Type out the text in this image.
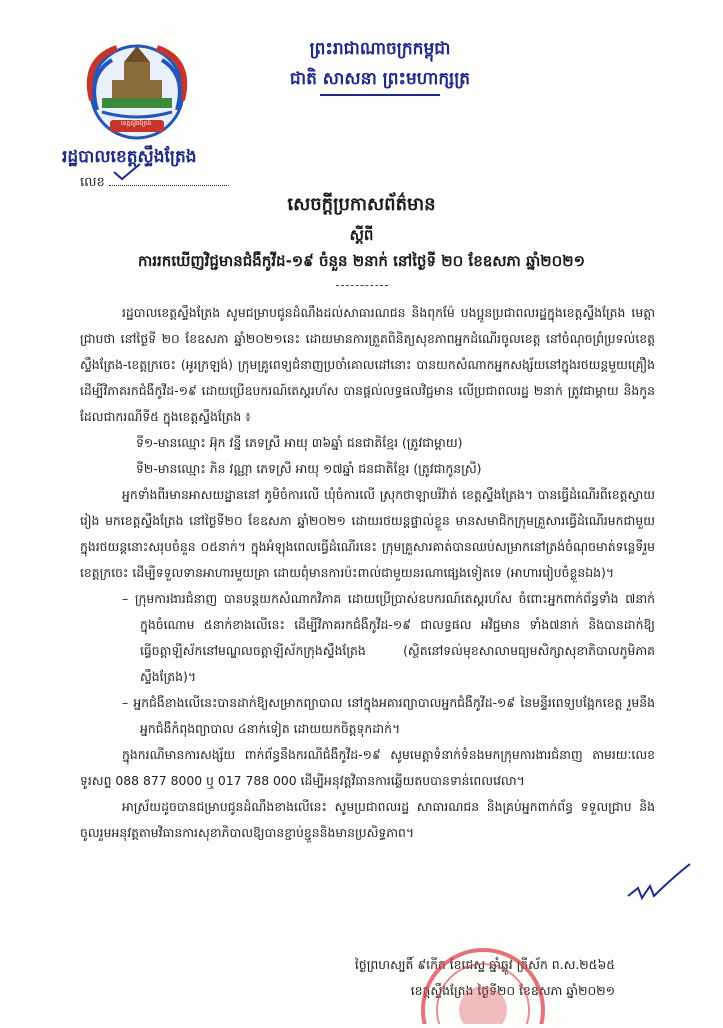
ខេត្តស្ទឹងត្រែង
ព្រះរាជាណាចក្រកម្ពុជា
ជាតិ សាសនា ព្រះមហាក្សត្រ
រដ្ឋបាលខេត្តស្ទឹងត្រែង
លេខ
សេចក្តីប្រកាសព័ត៌មាន
ស្តីពី
ការរកឃើញវិជ្ជមានជំងឺកូវីដ-១៩ ចំនួន ២នាក់ នៅថ្ងៃទី ២០ ខែឧសភា ឆ្នាំ២០២១

រដ្ឋបាលខេត្តស្ទឹងត្រែង សូមជម្រាបជូនដំណឹងដល់សាធារណជន និងពុកម៉ែ បងប្អូនប្រជាពលរដ្ឋក្នុងខេត្តស្ទឹងត្រែង មេត្តាជ្រាបថា នៅថ្ងៃទី ២០ ខែឧសភា ឆ្នាំ២០២១នេះ ដោយមានការត្រួតពិនិត្យសុខភាពអ្នកដំណើរចូលខេត្ត នៅចំណុចព្រំប្រទល់ខេត្តស្ទឹងត្រែង-ខេត្តក្រចេះ (អូរក្រឡង់) ក្រុមគ្រូពេទ្យជំនាញប្រចាំគោលដៅនោះ បានយកសំណាកអ្នកសង្ស័យនៅក្នុងរថយន្តមួយគ្រឿង ដើម្បីវិភាគរកជំងឺកូវីដ-១៩ ដោយប្រើឧបករណ៍តេស្តរហ័ស បានផ្តល់លទ្ធផលវិជ្ជមាន លើប្រជាពលរដ្ឋ ២នាក់ ត្រូវជាម្តាយ និងកូន ដែលជាករណីទី៥ ក្នុងខេត្តស្ទឹងត្រែង ៖

ទី១-មានឈ្មោះ អ៊ុក វន្នី ភេទស្រី អាយុ ៣៦ឆ្នាំ ជនជាតិខ្មែរ (ត្រូវជាម្តាយ)

ទី២-មានឈ្មោះ ភិន វណ្ណា ភេទស្រី អាយុ ១៧ឆ្នាំ ជនជាតិខ្មែរ (ត្រូវជាកូនស្រី)

អ្នកទាំងពីរមានអាសយដ្ឋាននៅ ភូមិចំការលើ ឃុំចំការលើ ស្រុកថាឡាបរិវ៉ាត់ ខេត្តស្ទឹងត្រែង។ បានធ្វើដំណើរពីខេត្តស្វាយរៀង មកខេត្តស្ទឹងត្រែង នៅថ្ងៃទី២០ ខែឧសភា ឆ្នាំ២០២១ ដោយរថយន្តផ្ទាល់ខ្លួន មានសមាជិកក្រុមគ្រួសារធ្វើដំណើរមកជាមួយក្នុងរថយន្តនោះសរុបចំនួន ០៥នាក់។ ក្នុងអំឡុងពេលធ្វើដំណើរនេះ ក្រុមគ្រួសារគាត់បានឈប់សម្រាកនៅត្រង់ចំណុចមាត់ទន្លេទីរួមខេត្តក្រចេះ ដើម្បីទទួលទានអាហារមួយគ្រា ដោយពុំមានការប៉ះពាល់ជាមួយនរណាផ្សេងទៀតទេ (អាហាររៀបចំខ្លួនឯង)។

– ក្រុមការងារជំនាញ បានបន្តយកសំណាកវិភាគ ដោយប្រើប្រាស់ឧបករណ៍តេស្តរហ័ស ចំពោះអ្នកពាក់ព័ន្ធទាំង ៧នាក់ ក្នុងចំណោម ៥នាក់ខាងលើនេះ ដើម្បីវិភាគរកជំងឺកូវីដ-១៩ ជាលទ្ធផល អវិជ្ជមាន ទាំង៧នាក់ និងបានដាក់ឱ្យធ្វើចត្តាឡីស័កនៅមណ្ឌលចត្តាឡីស័កក្រុងស្ទឹងត្រែង (ស្ថិតនៅទល់មុខសាលាមធ្យមសិក្សាសុខាភិបាលភូមិភាគស្ទឹងត្រែង)។

– អ្នកជំងឺខាងលើនេះបានដាក់ឱ្យសម្រាកព្យាបាល នៅក្នុងអគារព្យាបាលអ្នកជំងឺកូវីដ-១៩ នៃមន្ទីរពេទ្យបង្អែកខេត្ត រួមនឹងអ្នកជំងឺកំពុងព្យាបាល ៤នាក់ទៀត ដោយយកចិត្តទុកដាក់។

ក្នុងករណីមានការសង្ស័យ ពាក់ព័ន្ធនឹងករណីជំងឺកូវីដ-១៩ សូមមេត្តាទំនាក់ទំនងមកក្រុមការងារជំនាញ តាមរយៈលេខទូរសព្ទ 088 877 8000 ឬ 017 788 000 ដើម្បីអនុវត្តវិធានការឆ្លើយតបបានទាន់ពេលវេលា។

អាស្រ័យដូចបានជម្រាបជូនដំណឹងខាងលើនេះ សូមប្រជាពលរដ្ឋ សាធារណជន និងគ្រប់អ្នកពាក់ព័ន្ធ ទទួលជ្រាប និងចូលរួមអនុវត្តតាមវិធានការសុខាភិបាលឱ្យបានខ្ជាប់ខ្ជួននិងមានប្រសិទ្ធភាព។

ថ្ងៃព្រហស្បតិ៍ ៩កើត ខែជេស្ឋ ឆ្នាំឆ្លូវ ត្រីស័ក ព.ស.២៥៦៥
ខេត្តស្ទឹងត្រែង ថ្ងៃទី២០ ខែឧសភា ឆ្នាំ២០២១
